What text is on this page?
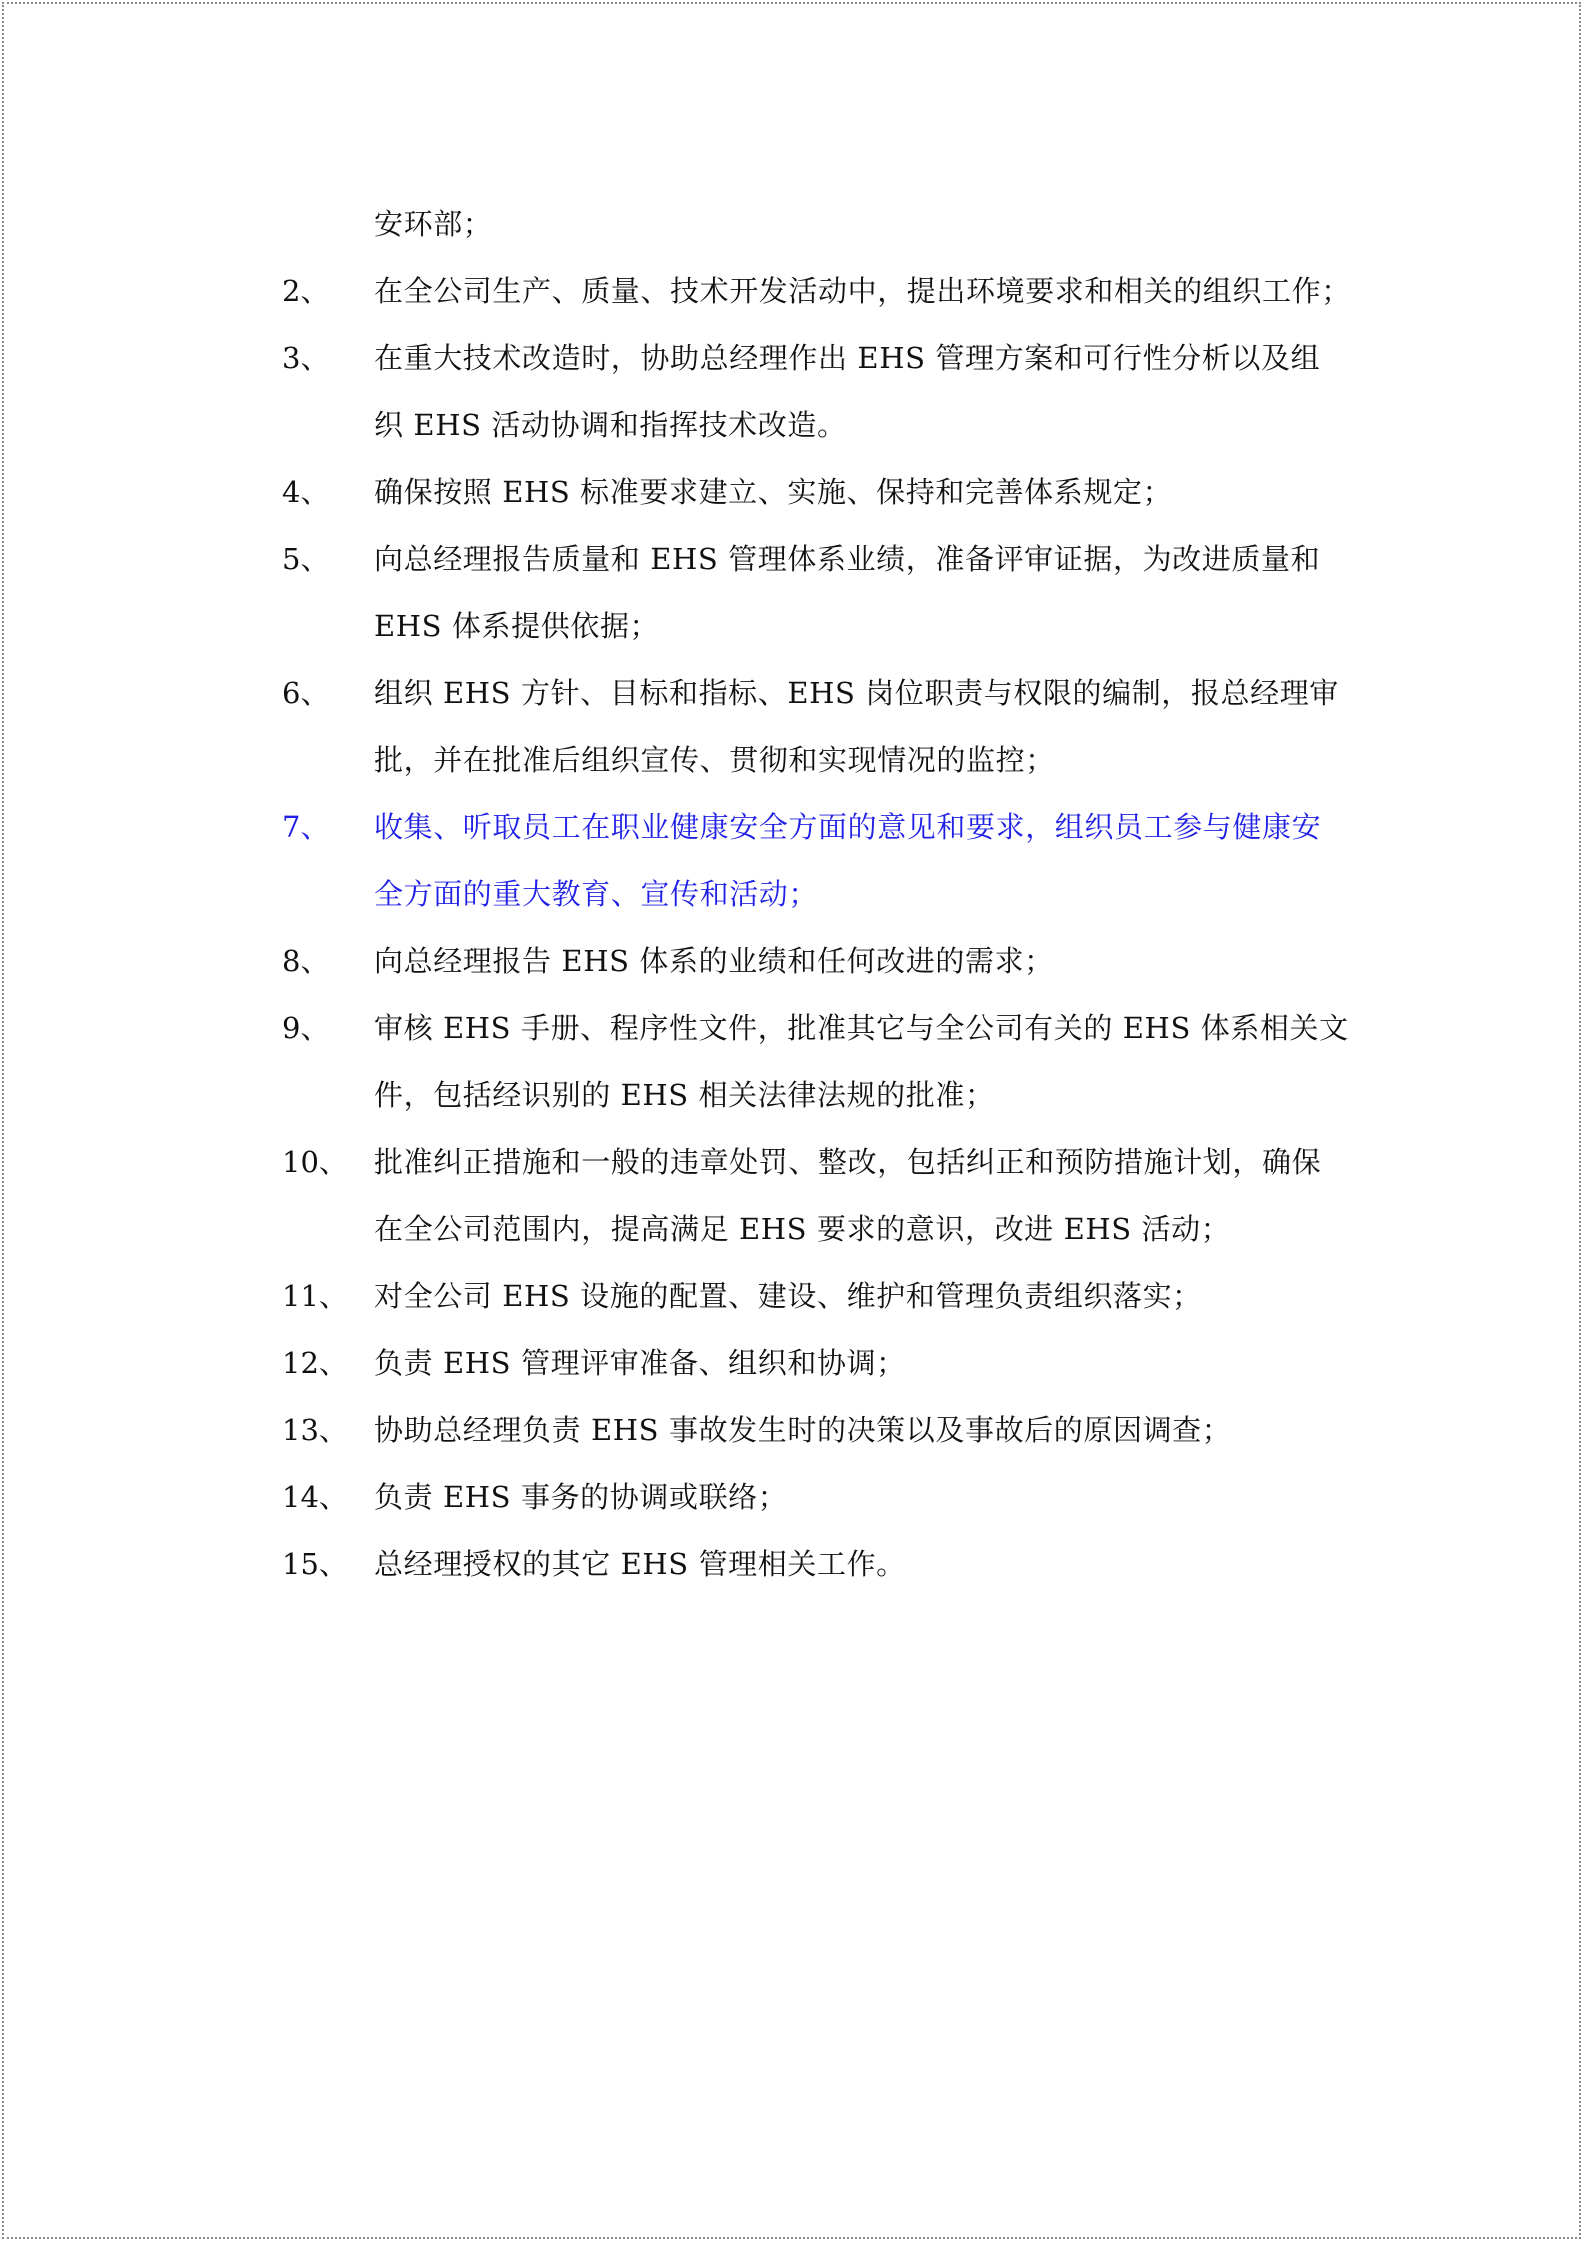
安环部；
2、	在全公司生产、质量、技术开发活动中，提出环境要求和相关的组织工作；
3、	在重大技术改造时，协助总经理作出 EHS 管理方案和可行性分析以及组
织 EHS 活动协调和指挥技术改造。
4、	确保按照 EHS 标准要求建立、实施、保持和完善体系规定；
5、	向总经理报告质量和 EHS 管理体系业绩，准备评审证据，为改进质量和
EHS 体系提供依据；
6、	组织 EHS 方针、目标和指标、EHS 岗位职责与权限的编制，报总经理审
批，并在批准后组织宣传、贯彻和实现情况的监控；
7、	收集、听取员工在职业健康安全方面的意见和要求，组织员工参与健康安
全方面的重大教育、宣传和活动；
8、	向总经理报告 EHS 体系的业绩和任何改进的需求；
9、	审核 EHS 手册、程序性文件，批准其它与全公司有关的 EHS 体系相关文
件，包括经识别的 EHS 相关法律法规的批准；
10、 批准纠正措施和一般的违章处罚、整改，包括纠正和预防措施计划，确保
在全公司范围内，提高满足 EHS 要求的意识，改进 EHS 活动；
11、 对全公司 EHS 设施的配置、建设、维护和管理负责组织落实；
12、 负责 EHS 管理评审准备、组织和协调；
13、 协助总经理负责 EHS 事故发生时的决策以及事故后的原因调查；
14、 负责 EHS 事务的协调或联络；
15、 总经理授权的其它 EHS 管理相关工作。
